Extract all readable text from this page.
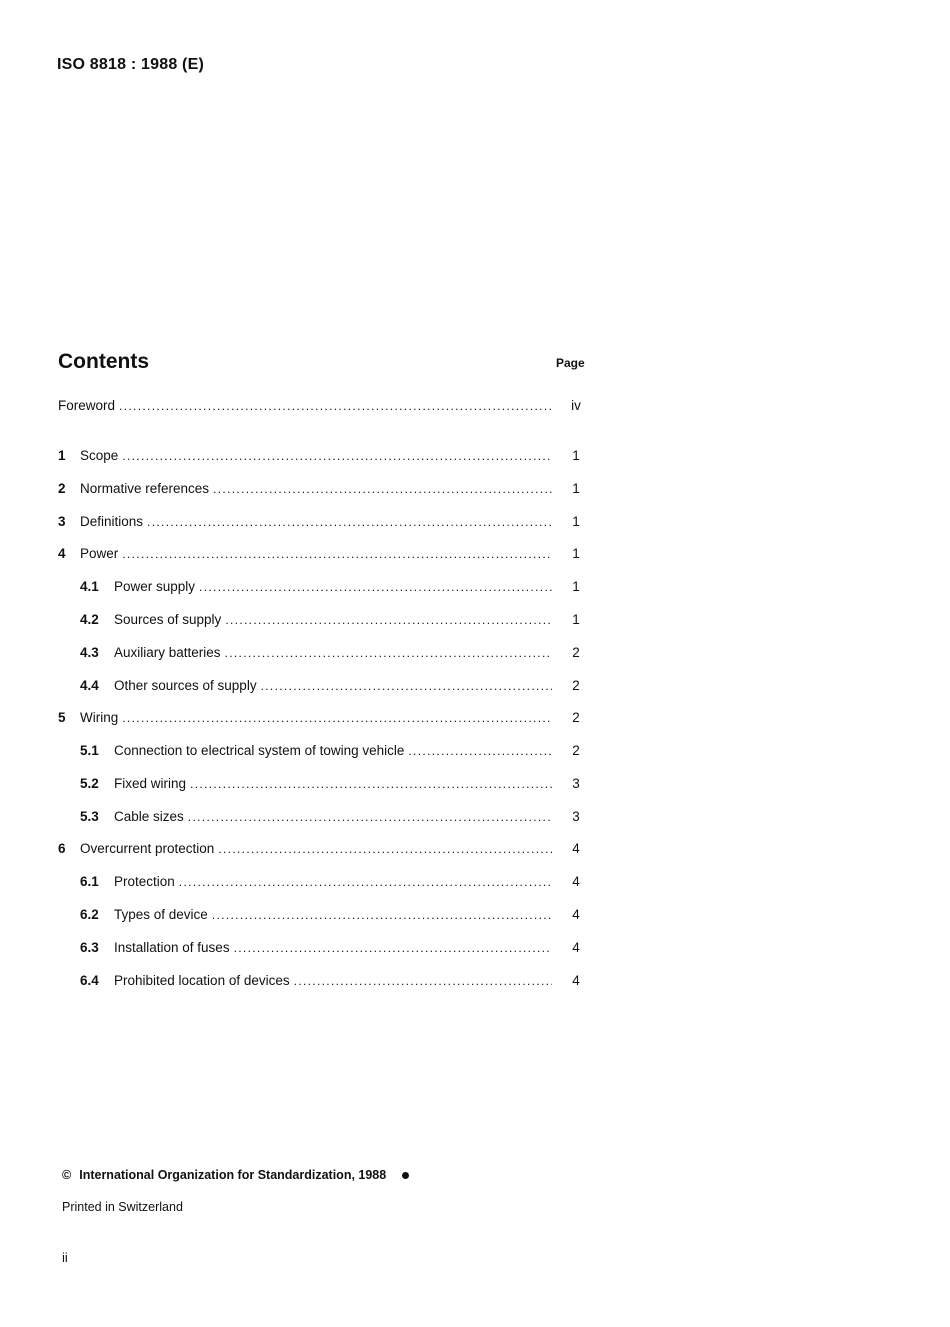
ISO 8818 : 1988 (E)
Contents	Page
Foreword . . .	iv
1	Scope . . .	1
2	Normative references . . .	1
3	Definitions . . .	1
4	Power . . .	1
4.1	Power supply . . .	1
4.2	Sources of supply . . .	1
4.3	Auxiliary batteries . . .	2
4.4	Other sources of supply . . .	2
5	Wiring . . .	2
5.1	Connection to electrical system of towing vehicle . . .	2
5.2	Fixed wiring . . .	3
5.3	Cable sizes . . .	3
6	Overcurrent protection . . .	4
6.1	Protection . . .	4
6.2	Types of device . . .	4
6.3	Installation of fuses . . .	4
6.4	Prohibited location of devices . . .	4
© International Organization for Standardization, 1988
Printed in Switzerland
ii
